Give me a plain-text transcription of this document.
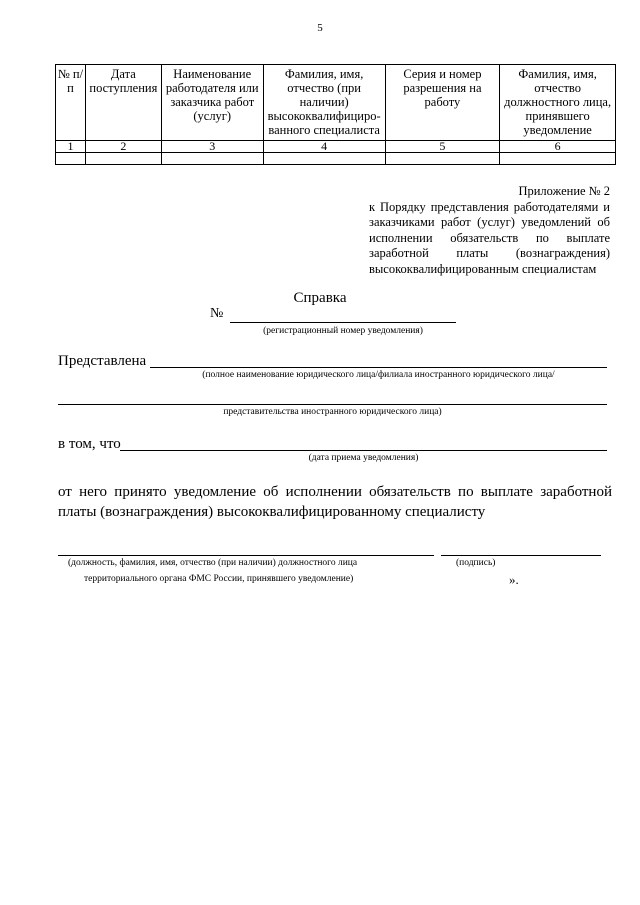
5
№ п/п	Дата поступления	Наименование работодателя или заказчика работ (услуг)	Фамилия, имя, отчество (при наличии) высококвалифициро-ванного специалиста	Серия и номер разрешения на работу	Фамилия, имя, отчество должностного лица, принявшего уведомление
1	2	3	4	5	6

Приложение № 2
к Порядку представления работодателями и заказчиками работ (услуг) уведомлений об исполнении обязательств по выплате заработной платы (вознаграждения) высококвалифицированным специалистам
Справка
№
(регистрационный номер уведомления)
Представлена
(полное наименование юридического лица/филиала иностранного юридического лица/
представительства иностранного юридического лица)
в том, что
(дата приема уведомления)
от него принято уведомление об исполнении обязательств по выплате заработной платы (вознаграждения) высококвалифицированному специалисту
(должность, фамилия, имя, отчество (при наличии) должностного лица	(подпись)
территориального органа ФМС России, принявшего уведомление)	».
